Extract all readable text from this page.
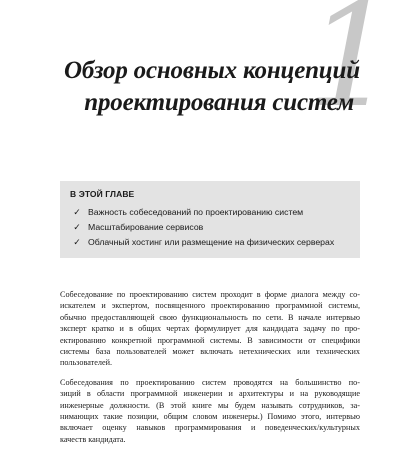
1
Обзор основных концепций
проектирования систем
В ЭТОЙ ГЛАВЕ
✓ Важность собеседований по проектированию систем
✓ Масштабирование сервисов
✓ Облачный хостинг или размещение на физических серверах

Собеседование по проектированию систем проходит в форме диалога между со-
искателем и экспертом, посвященного проектированию программной системы,
обычно предоставляющей свою функциональность по сети. В начале интервью
эксперт кратко и в общих чертах формулирует для кандидата задачу по про-
ектированию конкретной программной системы. В зависимости от специфики
системы база пользователей может включать нетехнических или технических
пользователей.

Собеседования по проектированию систем проводятся на большинство по-
зиций в области программной инженерии и архитектуры и на руководящие
инженерные должности. (В этой книге мы будем называть сотрудников, за-
нимающих такие позиции, общим словом инженеры.) Помимо этого, интервью
включает оценку навыков программирования и поведенческих/культурных
качеств кандидата.
